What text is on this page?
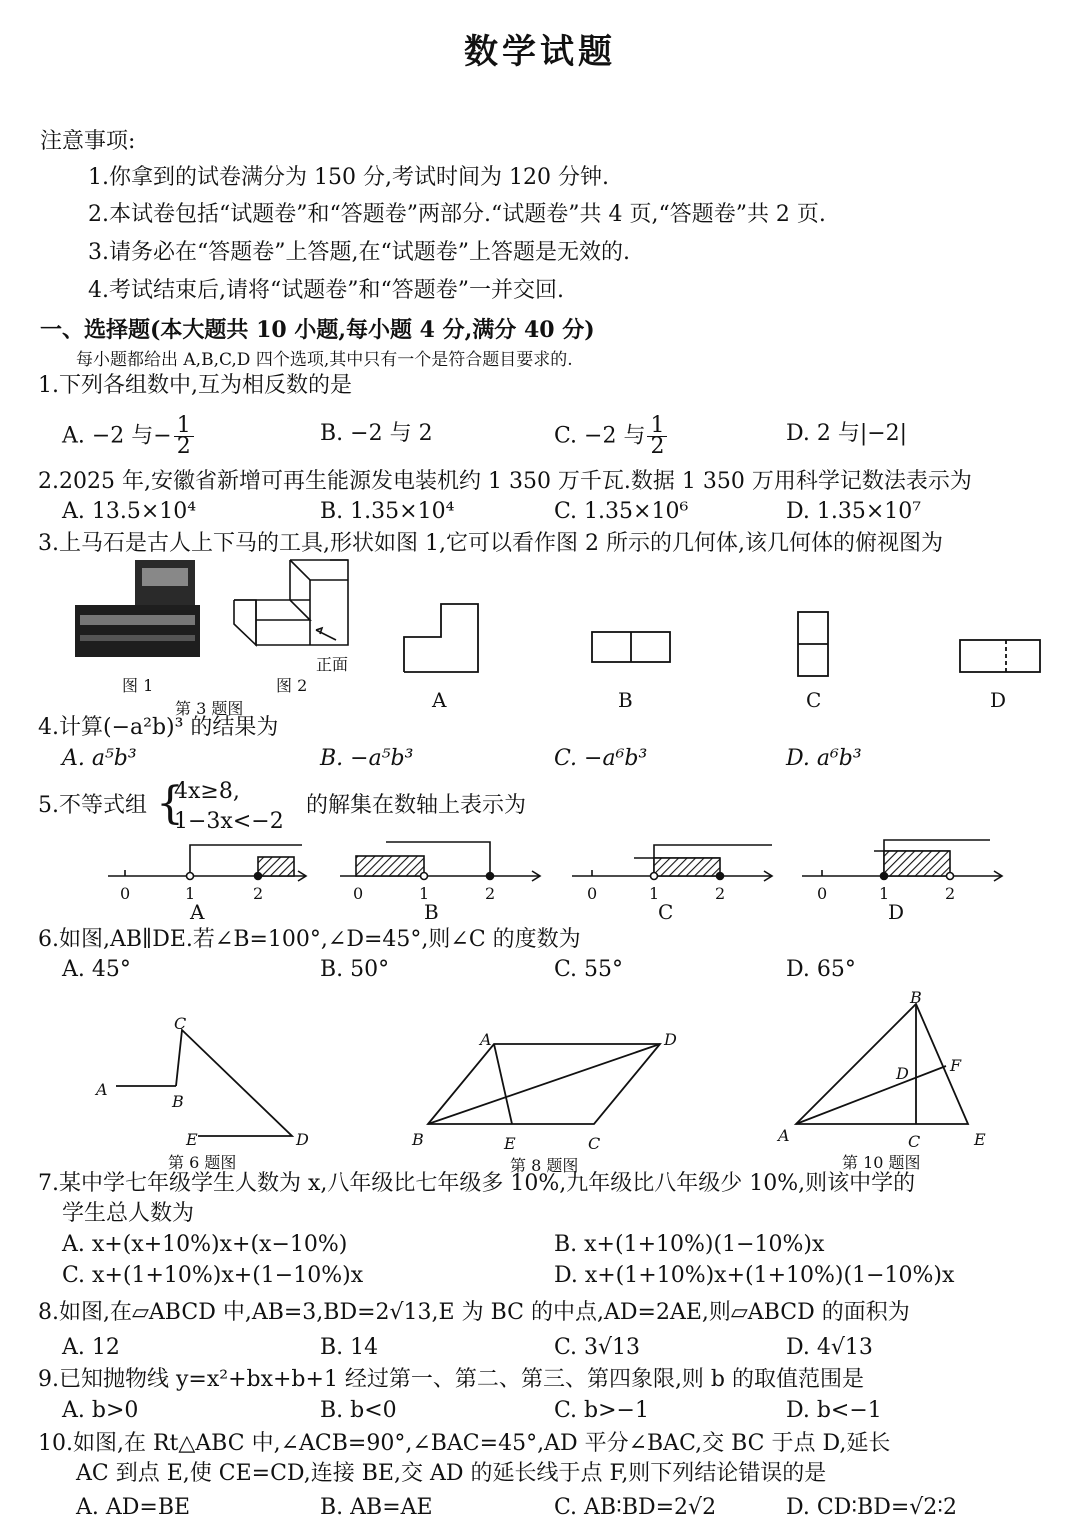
数学试题
注意事项:
1.你拿到的试卷满分为 150 分,考试时间为 120 分钟.
2.本试卷包括“试题卷”和“答题卷”两部分.“试题卷”共 4 页,“答题卷”共 2 页.
3.请务必在“答题卷”上答题,在“试题卷”上答题是无效的.
4.考试结束后,请将“试题卷”和“答题卷”一并交回.
一、选择题(本大题共 10 小题,每小题 4 分,满分 40 分)
每小题都给出 A,B,C,D 四个选项,其中只有一个是符合题目要求的.
1.下列各组数中,互为相反数的是
A. −2 与− $\frac{1}{2}$	B. −2 与 2	C. −2 与 $\frac{1}{2}$	D. 2 与|−2|
2.2025 年,安徽省新增可再生能源发电装机约 1 350 万千瓦.数据 1 350 万用科学记数法表示为
A. 13.5×10⁴	B. 1.35×10⁴	C. 1.35×10⁶	D. 1.35×10⁷
3.上马石是古人上下马的工具,形状如图 1,它可以看作图 2 所示的几何体,该几何体的俯视图为
图 1	图 2
正面
第 3 题图	A	B	C	D
4.计算(−a²b)³ 的结果为
A. a⁵b³	B. −a⁵b³	C. −a⁶b³	D. a⁶b³
5.不等式组 {
4x≥8,
1−3x<−2
的解集在数轴上表示为
0	1	2
A
0	1	2
B
0	1	2
C
0	1	2
D
6.如图,AB∥DE.若∠B=100°,∠D=45°,则∠C 的度数为
A. 45°	B. 50°	C. 55°	D. 65°
C
A
B
E	D
第 6 题图
A	D
B	E	C
第 8 题图
B
D	F
A	C	E
第 10 题图
7.某中学七年级学生人数为 x,八年级比七年级多 10%,九年级比八年级少 10%,则该中学的
学生总人数为
A. x+(x+10%)x+(x−10%)	B. x+(1+10%)(1−10%)x
C. x+(1+10%)x+(1−10%)x	D. x+(1+10%)x+(1+10%)(1−10%)x
8.如图,在▱ABCD 中,AB=3,BD=2√13,E 为 BC 的中点,AD=2AE,则▱ABCD 的面积为
A. 12	B. 14	C. 3√13	D. 4√13
9.已知抛物线 y=x²+bx+b+1 经过第一、第二、第三、第四象限,则 b 的取值范围是
A. b>0	B. b<0	C. b>−1	D. b<−1
10.如图,在 Rt△ABC 中,∠ACB=90°,∠BAC=45°,AD 平分∠BAC,交 BC 于点 D,延长
AC 到点 E,使 CE=CD,连接 BE,交 AD 的延长线于点 F,则下列结论错误的是
A. AD=BE	B. AB=AE	C. AB∶BD=2√2	D. CD∶BD=√2∶2
